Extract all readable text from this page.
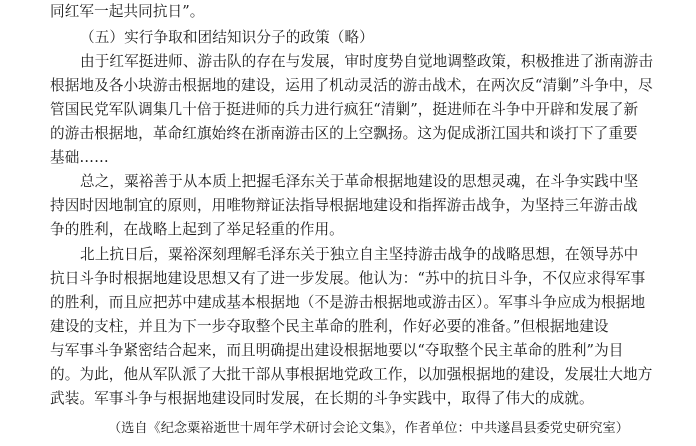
同红军一起共同抗日”。
（五）实行争取和团结知识分子的政策（略）
由于红军挺进师、游击队的存在与发展，审时度势自觉地调整政策，积极推进了浙南游击
根据地及各小块游击根据地的建设，运用了机动灵活的游击战术，在两次反“清剿”斗争中，尽
管国民党军队调集几十倍于挺进师的兵力进行疯狂“清剿”，挺进师在斗争中开辟和发展了新
的游击根据地，革命红旗始终在浙南游击区的上空飘扬。这为促成浙江国共和谈打下了重要
基础……
总之，粟裕善于从本质上把握毛泽东关于革命根据地建设的思想灵魂，在斗争实践中坚
持因时因地制宜的原则，用唯物辩证法指导根据地建设和指挥游击战争，为坚持三年游击战
争的胜利，在战略上起到了举足轻重的作用。
北上抗日后，粟裕深刻理解毛泽东关于独立自主坚持游击战争的战略思想，在领导苏中
抗日斗争时根据地建设思想又有了进一步发展。他认为：“苏中的抗日斗争，不仅应求得军事
的胜利，而且应把苏中建成基本根据地（不是游击根据地或游击区）。军事斗争应成为根据地
建设的支柱，并且为下一步夺取整个民主革命的胜利，作好必要的准备。”但根据地建设
与军事斗争紧密结合起来，而且明确提出建设根据地要以“夺取整个民主革命的胜利”为目
的。为此，他从军队派了大批干部从事根据地党政工作，以加强根据地的建设，发展壮大地方
武装。军事斗争与根据地建设同时发展，在长期的斗争实践中，取得了伟大的成就。
（选自《纪念粟裕逝世十周年学术研讨会论文集》，作者单位：中共遂昌县委党史研究室）
